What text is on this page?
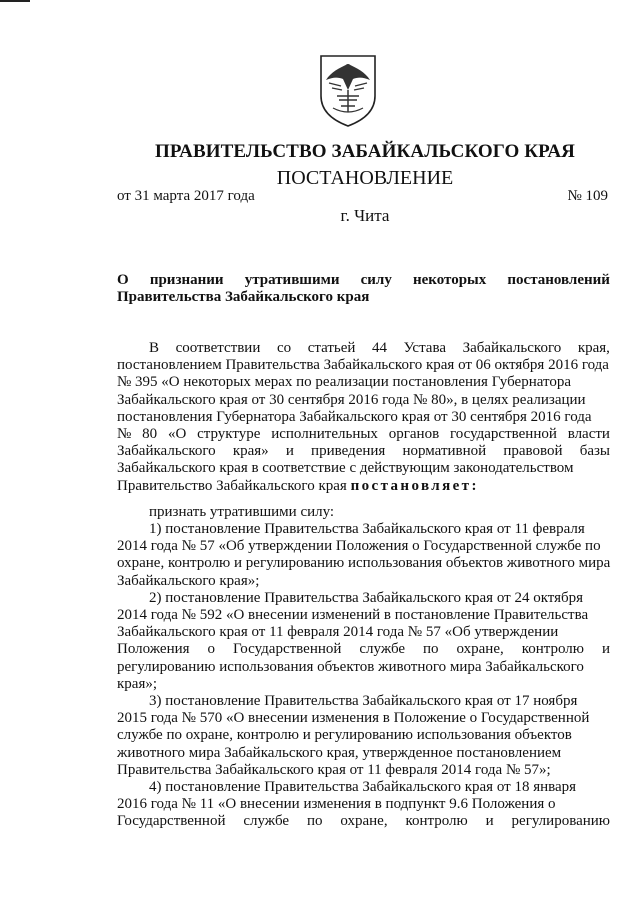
ПРАВИТЕЛЬСТВО ЗАБАЙКАЛЬСКОГО КРАЯ
ПОСТАНОВЛЕНИЕ
от 31 марта 2017 года	№ 109
г. Чита
О признании утратившими силу некоторых постановлений
Правительства Забайкальского края
В соответствии со статьей 44 Устава Забайкальского края,
постановлением Правительства Забайкальского края от 06 октября 2016 года
№ 395 «О некоторых мерах по реализации постановления Губернатора
Забайкальского края от 30 сентября 2016 года № 80», в целях реализации
постановления Губернатора Забайкальского края от 30 сентября 2016 года
№ 80 «О структуре исполнительных органов государственной власти
Забайкальского края» и приведения нормативной правовой базы
Забайкальского края в соответствие с действующим законодательством
Правительство Забайкальского края постановляет:
признать утратившими силу:
1) постановление Правительства Забайкальского края от 11 февраля
2014 года № 57 «Об утверждении Положения о Государственной службе по
охране, контролю и регулированию использования объектов животного мира
Забайкальского края»;
2) постановление Правительства Забайкальского края от 24 октября
2014 года № 592 «О внесении изменений в постановление Правительства
Забайкальского края от 11 февраля 2014 года № 57 «Об утверждении
Положения о Государственной службе по охране, контролю и
регулированию использования объектов животного мира Забайкальского
края»;
3) постановление Правительства Забайкальского края от 17 ноября
2015 года № 570 «О внесении изменения в Положение о Государственной
службе по охране, контролю и регулированию использования объектов
животного мира Забайкальского края, утвержденное постановлением
Правительства Забайкальского края от 11 февраля 2014 года № 57»;
4) постановление Правительства Забайкальского края от 18 января
2016 года № 11 «О внесении изменения в подпункт 9.6 Положения о
Государственной службе по охране, контролю и регулированию
